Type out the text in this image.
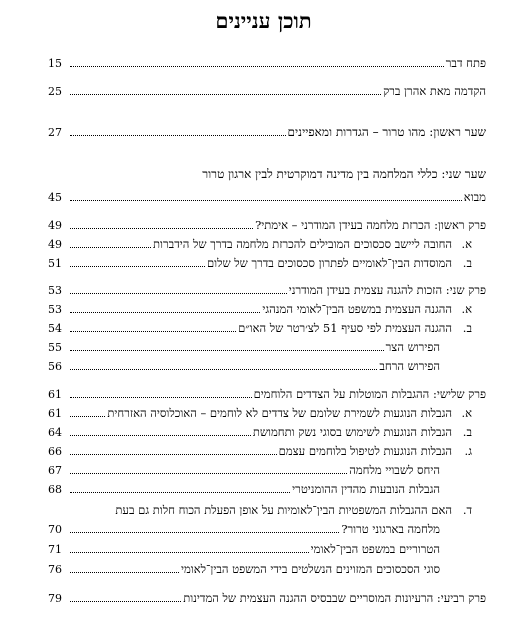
תוכן עניינים
פתח דבר
15
הקדמה מאת אהרן ברק
25
שער ראשון: מהו טרור – הגדרות ומאפיינים
27
שער שני: כללי המלחמה בין מדינה דמוקרטית לבין ארגון טרור
מבוא
45
פרק ראשון: הכרזת מלחמה בעידן המודרני – אימתי?
49
א.
החובה ליישב סכסוכים המובילים להכרזת מלחמה בדרך של הידברות
49
ב.
המוסדות הבין־לאומיים לפתרון סכסוכים בדרך של שלום
51
פרק שני: הזכות להגנה עצמית בעידן המודרני
53
א.
ההגנה העצמית במשפט הבין־לאומי המנהגי
53
ב.
ההגנה העצמית לפי סעיף 51 לצ׳רטר של האו״ם
54
הפירוש הצר
55
הפירוש הרחב
56
פרק שלישי: ההגבלות המוטלות על הצדדים הלוחמים
61
א.
הגבלות הנוגעות לשמירת שלומם של צדדים לא לוחמים – האוכלוסיה האזרחית
61
ב.
הגבלות הנוגעות לשימוש בסוגי נשק ותחמושת
64
ג.
הגבלות הנוגעות לטיפול בלוחמים עצמם
66
היחס לשבויי מלחמה
67
הגבלות הנובעות מהדין ההומניטרי
68
ד.
האם ההגבלות המשפטיות הבין־לאומיות על אופן הפעלת הכוח חלות גם בעת
מלחמה בארגוני טרור?
70
הטרוריים במשפט הבין־לאומי
71
סוגי הסכסוכים המזוינים הנשלטים בידי המשפט הבין־לאומי
76
פרק רביעי: הרעיונות המוסריים שבבסיס ההגנה העצמית של המדינות
79
